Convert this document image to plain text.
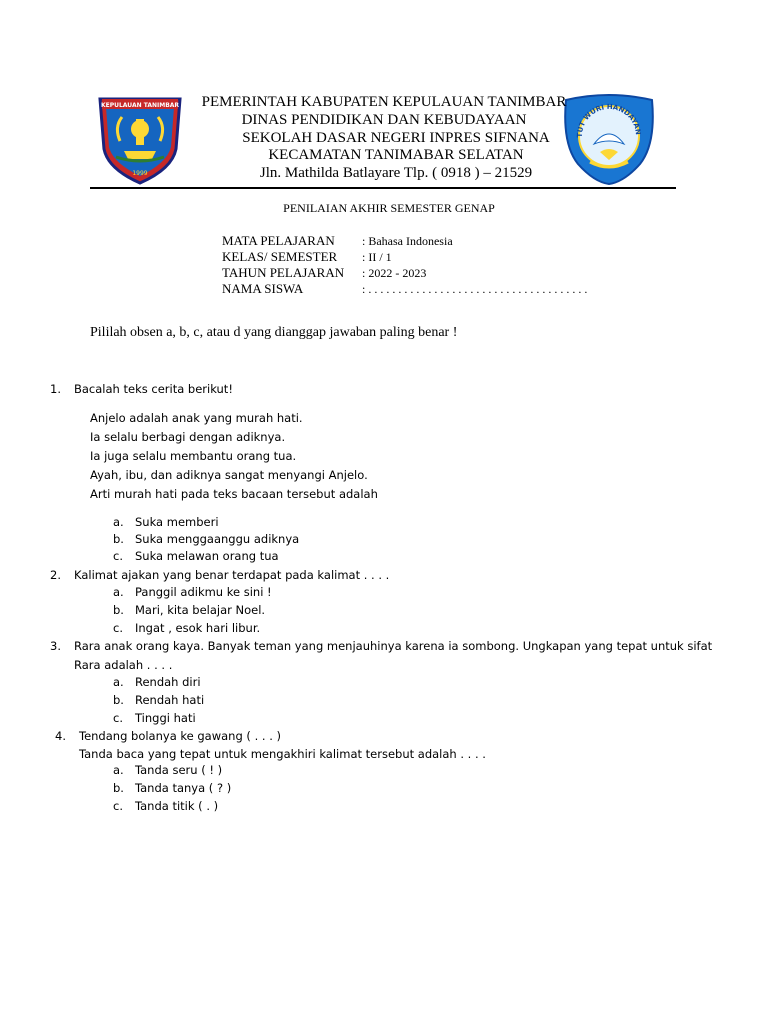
KEPULAUAN TANIMBAR
1999
TUT WURI HANDAYAN
PEMERINTAH KABUPATEN KEPULAUAN TANIMBAR
DINAS PENDIDIKAN DAN KEBUDAYAAN
SEKOLAH DASAR NEGERI INPRES SIFNANA
KECAMATAN TANIMABAR SELATAN
Jln. Mathilda Batlayare Tlp. ( 0918 ) – 21529
PENILAIAN AKHIR SEMESTER GENAP
MATA PELAJARAN	: Bahasa Indonesia
KELAS/ SEMESTER	: II / 1
TAHUN PELAJARAN	: 2022 - 2023
NAMA SISWA	: . . . . . . . . . . . . . . . . . . . . . . . . . . . . . . . . . . . . .
Pililah obsen a, b, c, atau d yang dianggap jawaban paling benar !
1. Bacalah teks cerita berikut!
Anjelo adalah anak yang murah hati̇.
Ia selalu berbagi dengan adiknya.
Ia juga selalu membantu orang tua.
Ayah, ibu, dan adiknya sangat menyangi Anjelo.
Arti̇ murah hati̇ pada teks bacaan tersebut adalah
a. Suka memberi
b. Suka menggaanggu adiknya
c. Suka melawan orang tua
2. Kalimat ajakan yang benar terdapat pada kalimat . . . .
a. Panggil adikmu ke sini !
b. Mari, kita belajar Noel.
c. Ingat , esok hari libur.
3. Rara anak orang kaya. Banyak teman yang menjauhinya karena ia sombong. Ungkapan yang tepat untuk sifat
Rara adalah . . . .
a. Rendah diri
b. Rendah hati̇
c. Tinggi hati̇
4. Tendang bolanya ke gawang ( . . . )
Tanda baca yang tepat untuk mengakhiri kalimat tersebut adalah . . . .
a. Tanda seru ( ! )
b. Tanda tanya ( ? )
c. Tanda ti̇ti̇k ( . )
